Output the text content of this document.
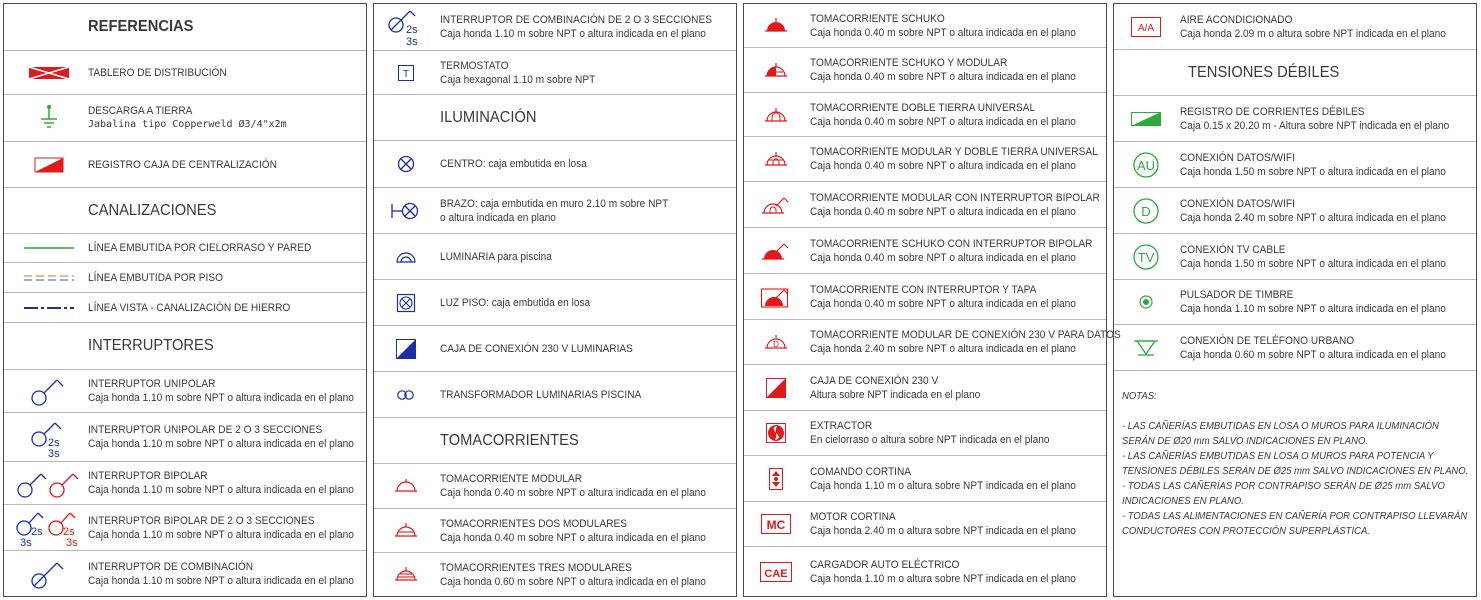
REFERENCIAS
TABLERO DE DISTRIBUCIÓN
DESCARGA A TIERRA
Jabalina tipo Copperweld Ø3/4"x2m
REGISTRO CAJA DE CENTRALIZACIÓN
CANALIZACIONES
LÍNEA EMBUTIDA POR CIELORRASO Y PARED
LÍNEA EMBUTIDA POR PISO
LÍNEA VISTA - CANALIZACIÓN DE HIERRO
INTERRUPTORES
INTERRUPTOR UNIPOLAR
Caja honda 1.10 m sobre NPT o altura indicada en el plano
2s
3s
INTERRUPTOR UNIPOLAR DE 2 O 3 SECCIONES
Caja honda 1.10 m sobre NPT o altura indicada en el plano
INTERRUPTOR BIPOLAR
Caja honda 1.10 m sobre NPT o altura indicada en el plano
2s
3s
2s
3s
INTERRUPTOR BIPOLAR DE 2 O 3 SECCIONES
Caja honda 1.10 m sobre NPT o altura indicada en el plano
INTERRUPTOR DE COMBINACIÓN
Caja honda 1.10 m sobre NPT o altura indicada en el plano
2s
3s
INTERRUPTOR DE COMBINACIÓN DE 2 O 3 SECCIONES
Caja honda 1.10 m sobre NPT o altura indicada en el plano
T
TERMOSTATO
Caja hexagonal 1.10 m sobre NPT
ILUMINACIÓN
CENTRO: caja embutida en losa
BRAZO: caja embutida en muro 2.10 m sobre NPT
o altura indicada en plano
LUMINARIA para piscina
LUZ PISO: caja embutida en losa
CAJA DE CONEXIÓN 230 V LUMINARIAS
TRANSFORMADOR LUMINARIAS PISCINA
TOMACORRIENTES
TOMACORRIENTE MODULAR
Caja honda 0.40 m sobre NPT o altura indicada en el plano
TOMACORRIENTES DOS MODULARES
Caja honda 0.40 m sobre NPT o altura indicada en el plano
TOMACORRIENTES TRES MODULARES
Caja honda 0.60 m sobre NPT o altura indicada en el plano
TOMACORRIENTE SCHUKO
Caja honda 0.40 m sobre NPT o altura indicada en el plano
TOMACORRIENTE SCHUKO Y MODULAR
Caja honda 0.40 m sobre NPT o altura indicada en el plano
TOMACORRIENTE DOBLE TIERRA UNIVERSAL
Caja honda 0.40 m sobre NPT o altura indicada en el plano
TOMACORRIENTE MODULAR Y DOBLE TIERRA UNIVERSAL
Caja honda 0.40 m sobre NPT o altura indicada en el plano
TOMACORRIENTE MODULAR CON INTERRUPTOR BIPOLAR
Caja honda 0.40 m sobre NPT o altura indicada en el plano
TOMACORRIENTE SCHUKO CON INTERRUPTOR BIPOLAR
Caja honda 0.40 m sobre NPT o altura indicada en el plano
TOMACORRIENTE CON INTERRUPTOR Y TAPA
Caja honda 0.40 m sobre NPT o altura indicada en el plano
D
TOMACORRIENTE MODULAR DE CONEXIÓN 230 V PARA DATOS
Caja honda 2.40 m sobre NPT o altura indicada en el plano
CAJA DE CONEXIÓN 230 V
Altura sobre NPT indicada en el plano
EXTRACTOR
En cielorraso o altura sobre NPT indicada en el plano
COMANDO CORTINA
Caja honda 1.10 m o altura sobre NPT indicada en el plano
MC
MOTOR CORTINA
Caja honda 2.40 m o altura sobre NPT indicada en el plano
CAE
CARGADOR AUTO ELÉCTRICO
Caja honda 1.10 m o altura sobre NPT indicada en el plano
A/A
AIRE ACONDICIONADO
Caja honda 2.09 m o altura sobre NPT indicada en el plano
TENSIONES DÉBILES
REGISTRO DE CORRIENTES DÉBILES
Caja 0.15 x 20.20 m - Altura sobre NPT indicada en el plano
AU CONEXIÓN DATOS/WIFI
Caja honda 1.50 m sobre NPT o altura indicada en el plano
D	CONEXIÓN DATOS/WIFI
Caja honda 2.40 m sobre NPT o altura indicada en el plano
TV CONEXIÓN TV CABLE
Caja honda 1.50 m sobre NPT o altura indicada en el plano
PULSADOR DE TIMBRE
Caja honda 1.10 m sobre NPT o altura indicada en el plano
CONEXIÓN DE TELÉFONO URBANO
Caja honda 0.60 m sobre NPT o altura indicada en el plano
NOTAS:
- LAS CAÑERÍAS EMBUTIDAS EN LOSA O MUROS PARA ILUMINACIÓN
SERÁN DE Ø20 mm SALVO INDICACIONES EN PLANO.
- LAS CAÑERÍAS EMBUTIDAS EN LOSA O MUROS PARA POTENCIA Y
TENSIONES DÉBILES SERÁN DE Ø25 mm SALVO INDICACIONES EN PLANO.
- TODAS LAS CAÑERÍAS POR CONTRAPISO SERÁN DE Ø25 mm SALVO
INDICACIONES EN PLANO.
- TODAS LAS ALIMENTACIONES EN CAÑERÍA POR CONTRAPISO LLEVARÁN
CONDUCTORES CON PROTECCIÓN SUPERPLÁSTICA.
